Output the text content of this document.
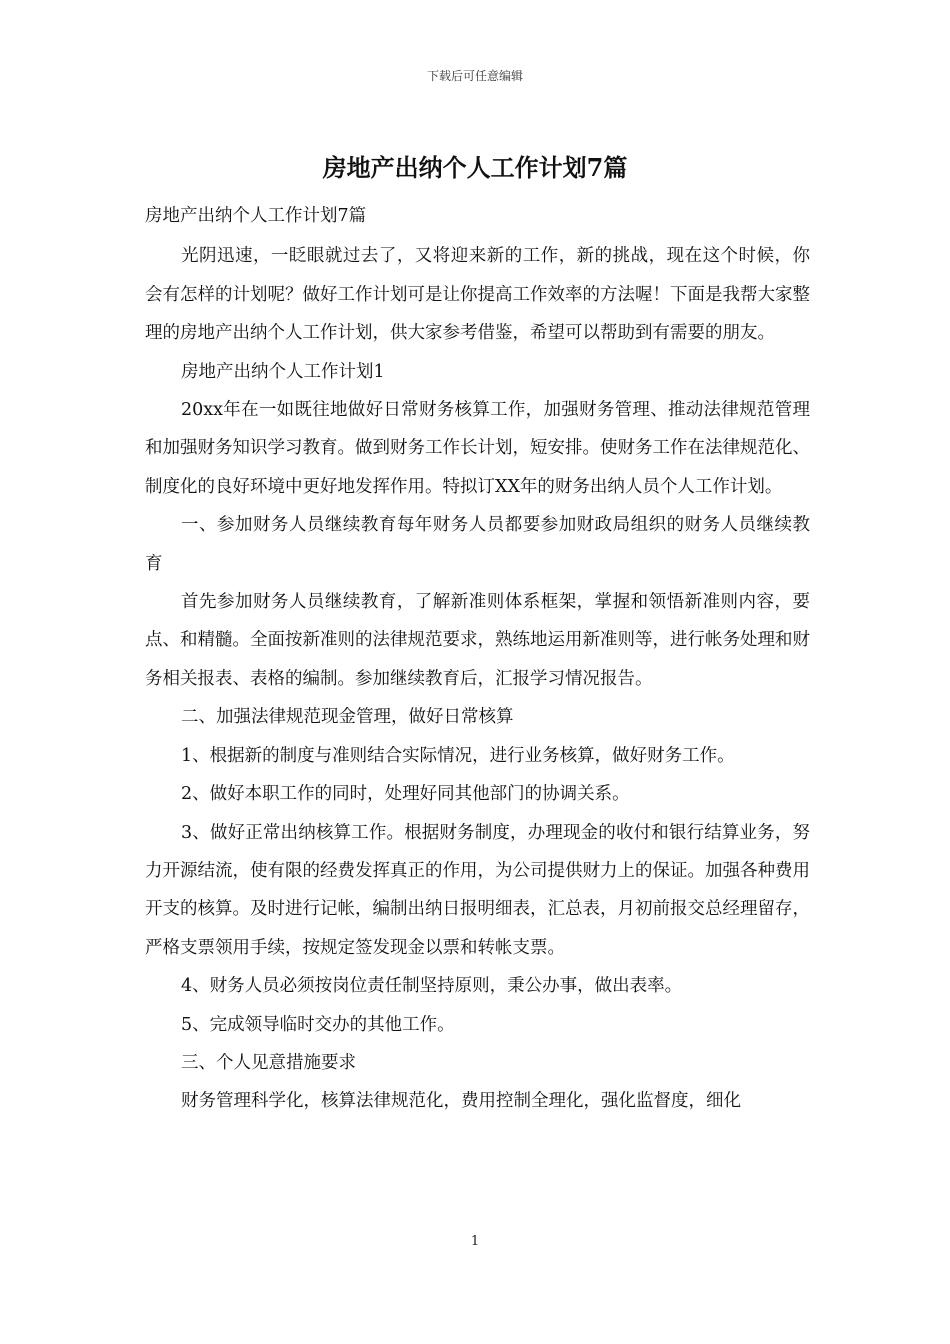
下载后可任意编辑
房地产出纳个人工作计划7篇

房地产出纳个人工作计划7篇

光阴迅速，一眨眼就过去了，又将迎来新的工作，新的挑战，现在这个时候，你会有怎样的计划呢？做好工作计划可是让你提高工作效率的方法喔！下面是我帮大家整理的房地产出纳个人工作计划，供大家参考借鉴，希望可以帮助到有需要的朋友。

房地产出纳个人工作计划1

20xx年在一如既往地做好日常财务核算工作，加强财务管理、推动法律规范管理和加强财务知识学习教育。做到财务工作长计划，短安排。使财务工作在法律规范化、制度化的良好环境中更好地发挥作用。特拟订XX年的财务出纳人员个人工作计划。

一、参加财务人员继续教育每年财务人员都要参加财政局组织的财务人员继续教育

首先参加财务人员继续教育，了解新准则体系框架，掌握和领悟新准则内容，要点、和精髓。全面按新准则的法律规范要求，熟练地运用新准则等，进行帐务处理和财务相关报表、表格的编制。参加继续教育后，汇报学习情况报告。

二、加强法律规范现金管理，做好日常核算

1、根据新的制度与准则结合实际情况，进行业务核算，做好财务工作。

2、做好本职工作的同时，处理好同其他部门的协调关系。

3、做好正常出纳核算工作。根据财务制度，办理现金的收付和银行结算业务，努力开源结流，使有限的经费发挥真正的作用，为公司提供财力上的保证。加强各种费用开支的核算。及时进行记帐，编制出纳日报明细表，汇总表，月初前报交总经理留存，严格支票领用手续，按规定签发现金以票和转帐支票。

4、财务人员必须按岗位责任制坚持原则，秉公办事，做出表率。

5、完成领导临时交办的其他工作。

三、个人见意措施要求

财务管理科学化，核算法律规范化，费用控制全理化，强化监督度，细化

1
